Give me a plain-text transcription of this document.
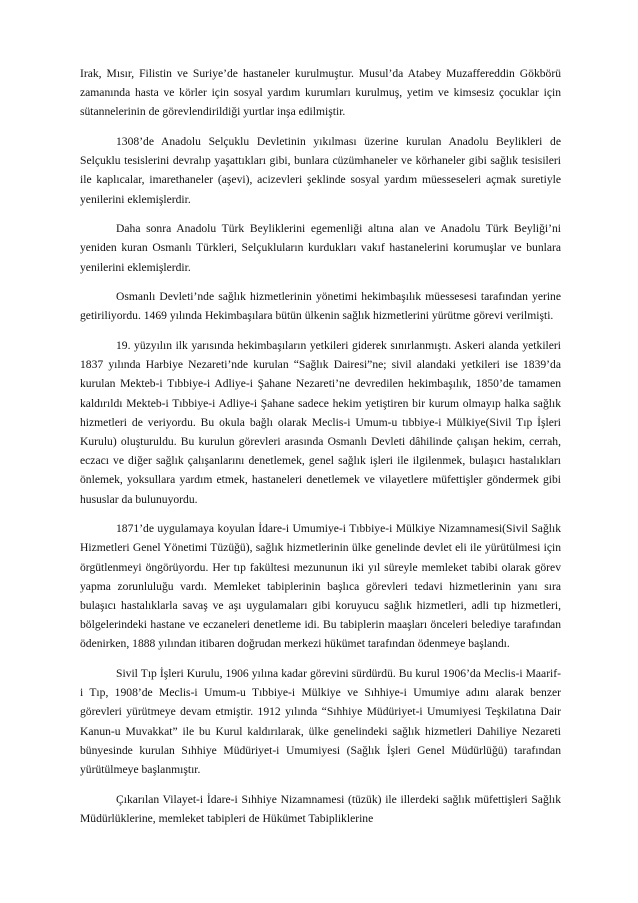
Irak, Mısır, Filistin ve Suriye’de hastaneler kurulmuştur. Musul’da Atabey Muzaffereddin Gökbörü zamanında hasta ve körler için sosyal yardım kurumları kurulmuş, yetim ve kimsesiz çocuklar için sütannelerinin de görevlendirildiği yurtlar inşa edilmiştir.

1308’de Anadolu Selçuklu Devletinin yıkılması üzerine kurulan Anadolu Beylikleri de Selçuklu tesislerini devralıp yaşattıkları gibi, bunlara cüzümhaneler ve körhaneler gibi sağlık tesisileri ile kaplıcalar, imarethaneler (aşevi), acizevleri şeklinde sosyal yardım müesseseleri açmak suretiyle yenilerini eklemişlerdir.

Daha sonra Anadolu Türk Beyliklerini egemenliği altına alan ve Anadolu Türk Beyliği’ni yeniden kuran Osmanlı Türkleri, Selçukluların kurdukları vakıf hastanelerini korumuşlar ve bunlara yenilerini eklemişlerdir.

Osmanlı Devleti’nde sağlık hizmetlerinin yönetimi hekimbaşılık müessesesi tarafından yerine getiriliyordu. 1469 yılında Hekimbaşılara bütün ülkenin sağlık hizmetlerini yürütme görevi verilmişti.

19. yüzyılın ilk yarısında hekimbaşıların yetkileri giderek sınırlanmıştı. Askeri alanda yetkileri 1837 yılında Harbiye Nezareti’nde kurulan “Sağlık Dairesi”ne; sivil alandaki yetkileri ise 1839’da kurulan Mekteb-i Tıbbiye-i Adliye-i Şahane Nezareti’ne devredilen hekimbaşılık, 1850’de tamamen kaldırıldı Mekteb-i Tıbbiye-i Adliye-i Şahane sadece hekim yetiştiren bir kurum olmayıp halka sağlık hizmetleri de veriyordu. Bu okula bağlı olarak Meclis-i Umum-u tıbbiye-i Mülkiye(Sivil Tıp İşleri Kurulu) oluşturuldu. Bu kurulun görevleri arasında Osmanlı Devleti dâhilinde çalışan hekim, cerrah, eczacı ve diğer sağlık çalışanlarını denetlemek, genel sağlık işleri ile ilgilenmek, bulaşıcı hastalıkları önlemek, yoksullara yardım etmek, hastaneleri denetlemek ve vilayetlere müfettişler göndermek gibi hususlar da bulunuyordu.

1871’de uygulamaya koyulan İdare-i Umumiye-i Tıbbiye-i Mülkiye Nizamnamesi(Sivil Sağlık Hizmetleri Genel Yönetimi Tüzüğü), sağlık hizmetlerinin ülke genelinde devlet eli ile yürütülmesi için örgütlenmeyi öngörüyordu. Her tıp fakültesi mezununun iki yıl süreyle memleket tabibi olarak görev yapma zorunluluğu vardı. Memleket tabiplerinin başlıca görevleri tedavi hizmetlerinin yanı sıra bulaşıcı hastalıklarla savaş ve aşı uygulamaları gibi koruyucu sağlık hizmetleri, adli tıp hizmetleri, bölgelerindeki hastane ve eczaneleri denetleme idi. Bu tabiplerin maaşları önceleri belediye tarafından ödenirken, 1888 yılından itibaren doğrudan merkezi hükümet tarafından ödenmeye başlandı.

Sivil Tıp İşleri Kurulu, 1906 yılına kadar görevini sürdürdü. Bu kurul 1906’da Meclis-i Maarif-i Tıp, 1908’de Meclis-i Umum-u Tıbbiye-i Mülkiye ve Sıhhiye-i Umumiye adını alarak benzer görevleri yürütmeye devam etmiştir. 1912 yılında “Sıhhiye Müdüriyet-i Umumiyesi Teşkilatına Dair Kanun-u Muvakkat” ile bu Kurul kaldırılarak, ülke genelindeki sağlık hizmetleri Dahiliye Nezareti bünyesinde kurulan Sıhhiye Müdüriyet-i Umumiyesi (Sağlık İşleri Genel Müdürlüğü) tarafından yürütülmeye başlanmıştır.

Çıkarılan Vilayet-i İdare-i Sıhhiye Nizamnamesi (tüzük) ile illerdeki sağlık müfettişleri Sağlık Müdürlüklerine, memleket tabipleri de Hükümet Tabipliklerine
